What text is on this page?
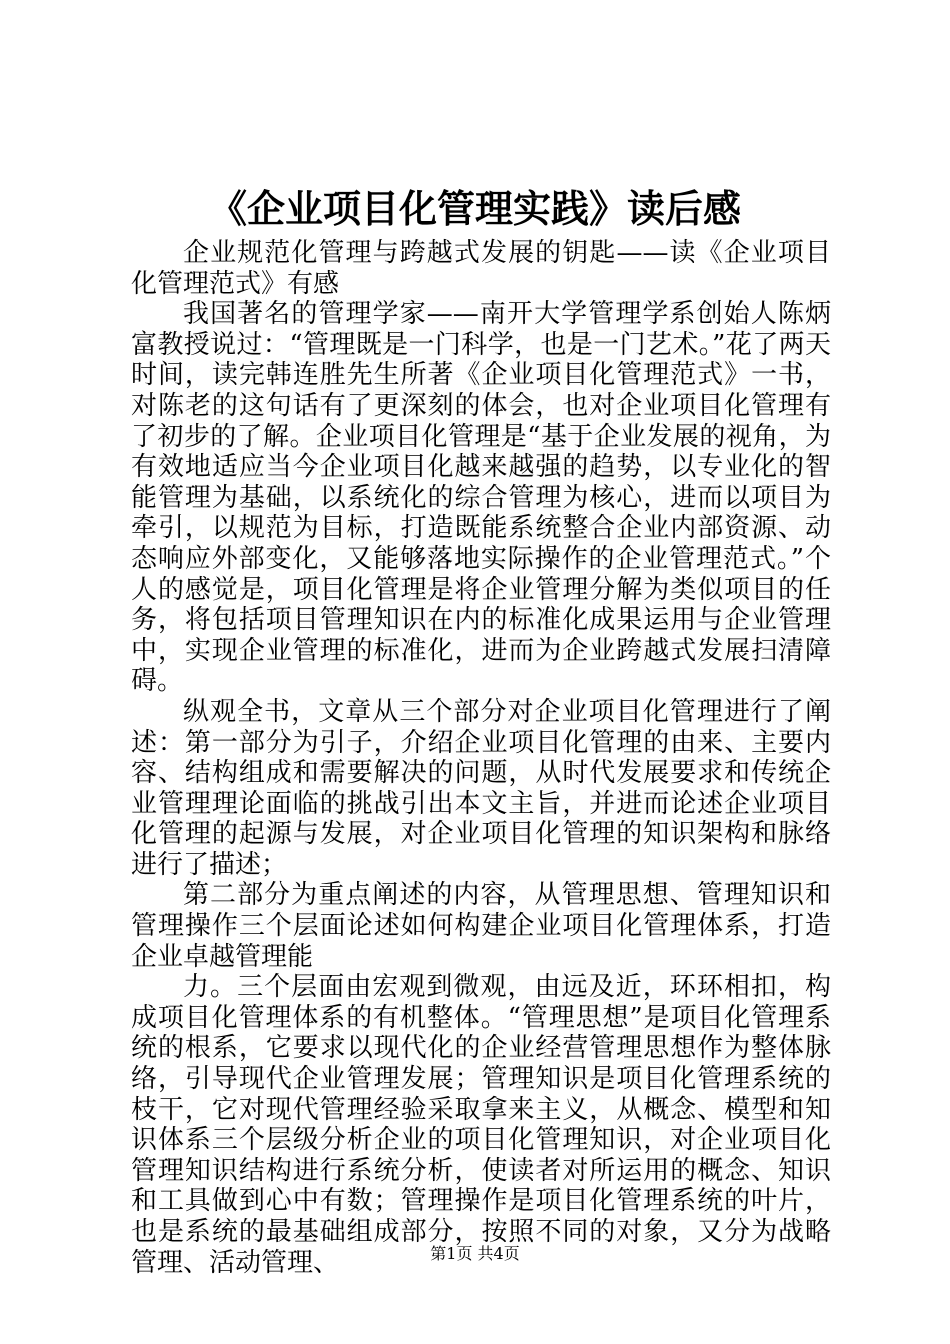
《企业项目化管理实践》读后感

企业规范化管理与跨越式发展的钥匙——读《企业项目化管理范式》有感

我国著名的管理学家——南开大学管理学系创始人陈炳富教授说过：“管理既是一门科学，也是一门艺术。”花了两天时间，读完韩连胜先生所著《企业项目化管理范式》一书，对陈老的这句话有了更深刻的体会，也对企业项目化管理有了初步的了解。企业项目化管理是“基于企业发展的视角，为有效地适应当今企业项目化越来越强的趋势，以专业化的智能管理为基础，以系统化的综合管理为核心，进而以项目为牵引，以规范为目标，打造既能系统整合企业内部资源、动态响应外部变化，又能够落地实际操作的企业管理范式。”个人的感觉是，项目化管理是将企业管理分解为类似项目的任务，将包括项目管理知识在内的标准化成果运用与企业管理中，实现企业管理的标准化，进而为企业跨越式发展扫清障碍。

纵观全书，文章从三个部分对企业项目化管理进行了阐述：第一部分为引子，介绍企业项目化管理的由来、主要内容、结构组成和需要解决的问题，从时代发展要求和传统企业管理理论面临的挑战引出本文主旨，并进而论述企业项目化管理的起源与发展，对企业项目化管理的知识架构和脉络进行了描述；

第二部分为重点阐述的内容，从管理思想、管理知识和管理操作三个层面论述如何构建企业项目化管理体系，打造企业卓越管理能

力。三个层面由宏观到微观，由远及近，环环相扣，构成项目化管理体系的有机整体。“管理思想”是项目化管理系统的根系，它要求以现代化的企业经营管理思想作为整体脉络，引导现代企业管理发展；管理知识是项目化管理系统的枝干，它对现代管理经验采取拿来主义，从概念、模型和知识体系三个层级分析企业的项目化管理知识，对企业项目化管理知识结构进行系统分析，使读者对所运用的概念、知识和工具做到心中有数；管理操作是项目化管理系统的叶片，也是系统的最基础组成部分，按照不同的对象，又分为战略管理、活动管理、	第1页 共4页
